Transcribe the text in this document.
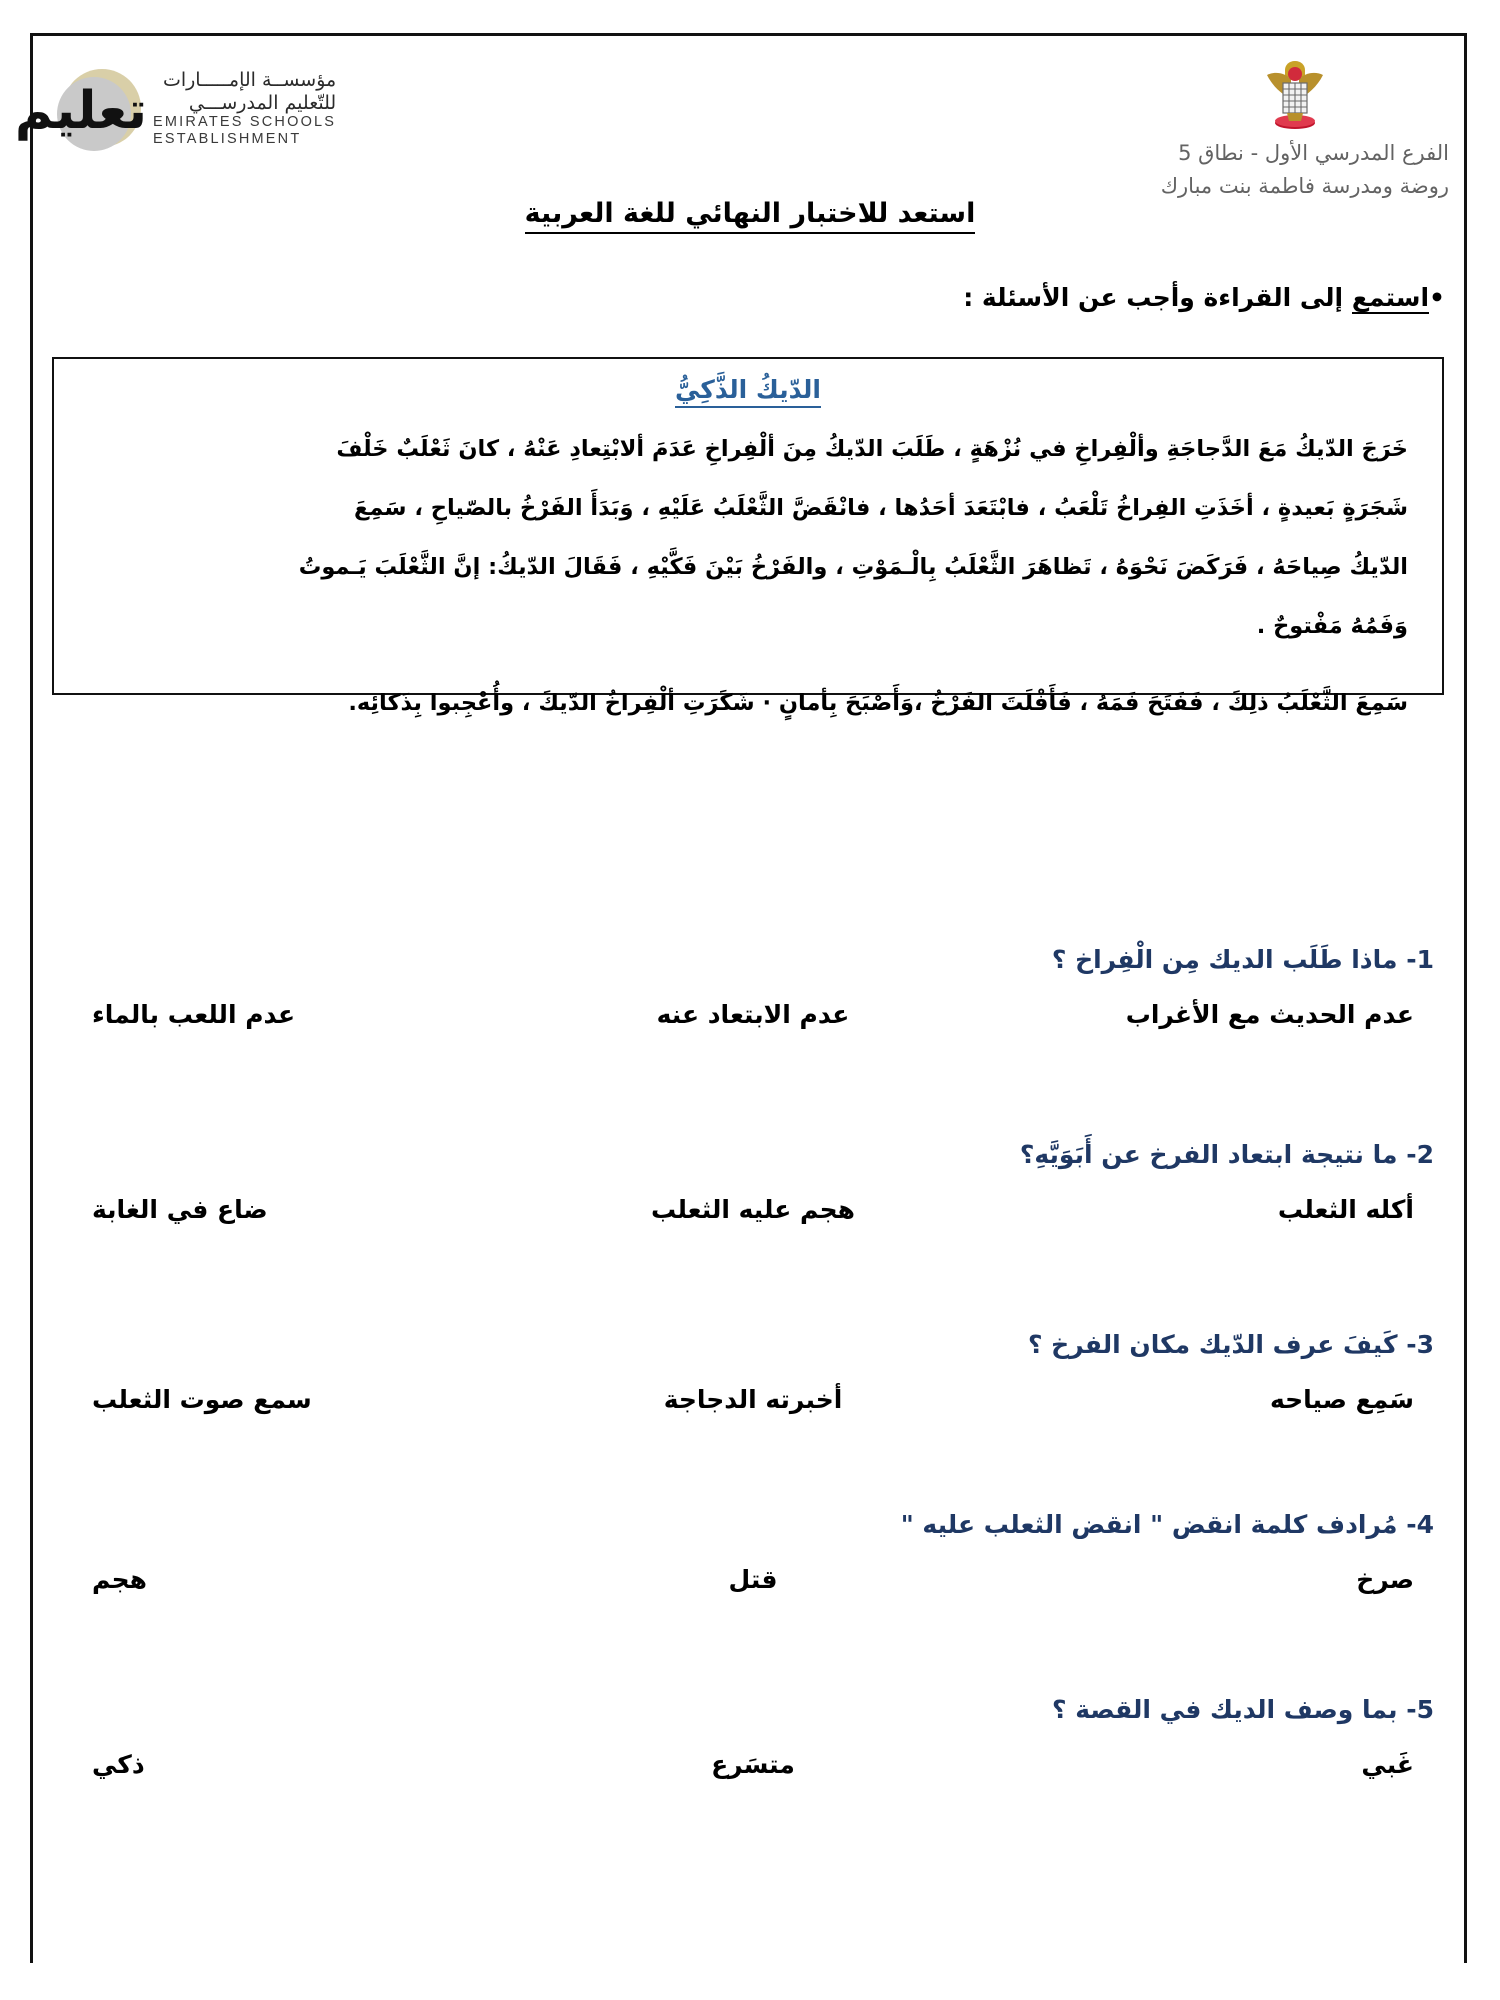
تعليم
مؤسســة الإمـــــارات
للتّعليم المدرســـي
EMIRATES SCHOOLS
ESTABLISHMENT
الفرع المدرسي الأول - نطاق 5
روضة ومدرسة فاطمة بنت مبارك
استعد للاختبار النهائي للغة العربية
•استمع إلى القراءة وأجب عن الأسئلة :
الدّيكُ الذَّكِيُّ
خَرَجَ الدّيكُ مَعَ الدَّجاجَةِ وألْفِراخِ في نُزْهَةٍ ، طَلَبَ الدّيكُ مِنَ ألْفِراخِ عَدَمَ ألابْتِعادِ عَنْهُ ، كانَ ثَعْلَبٌ خَلْفَ
شَجَرَةٍ بَعيدةٍ ، أخَذَتِ الفِراخُ تَلْعَبُ ، فابْتَعَدَ أحَدُها ، فانْقَضَّ الثَّعْلَبُ عَلَيْهِ ، وَبَدَأَ الفَرْخُ بالصّياحِ ، سَمِعَ
الدّيكُ صِياحَهُ ، فَرَكَضَ نَحْوَهُ ، تَظاهَرَ الثَّعْلَبُ بِالْـمَوْتِ ، والفَرْخُ بَيْنَ فَكَّيْهِ ، فَقَالَ الدّيكُ: إنَّ الثَّعْلَبَ يَـموتُ
وَفَمُهُ مَفْتوحٌ .
سَمِعَ الثَّعْلَبُ ذلِكَ ، فَفَتَحَ فَمَهُ ، فَأَفْلَتَ الفَرْخُ ،وَأَصْبَحَ بِأمانٍ · شَكَرَتِ ألْفِراخُ الدّيكَ ، وأُعْجِبوا بِذَكائِه.
1- ماذا طَلَب الديك مِن الْفِراخ ؟
عدم الحديث مع الأغراب
عدم الابتعاد عنه
عدم اللعب بالماء
2- ما نتيجة ابتعاد الفرخ عن أَبَوَيَّهِ؟
أكله الثعلب
هجم عليه الثعلب
ضاع في الغابة
3- كَيفَ عرف الدّيك مكان الفرخ ؟
سَمِع صياحه
أخبرته الدجاجة
سمع صوت الثعلب
4- مُرادف كلمة انقض " انقض الثعلب عليه "
صرخ
قتل
هجم
5- بما وصف الديك في القصة ؟
غَبي
متسَرع
ذكي
